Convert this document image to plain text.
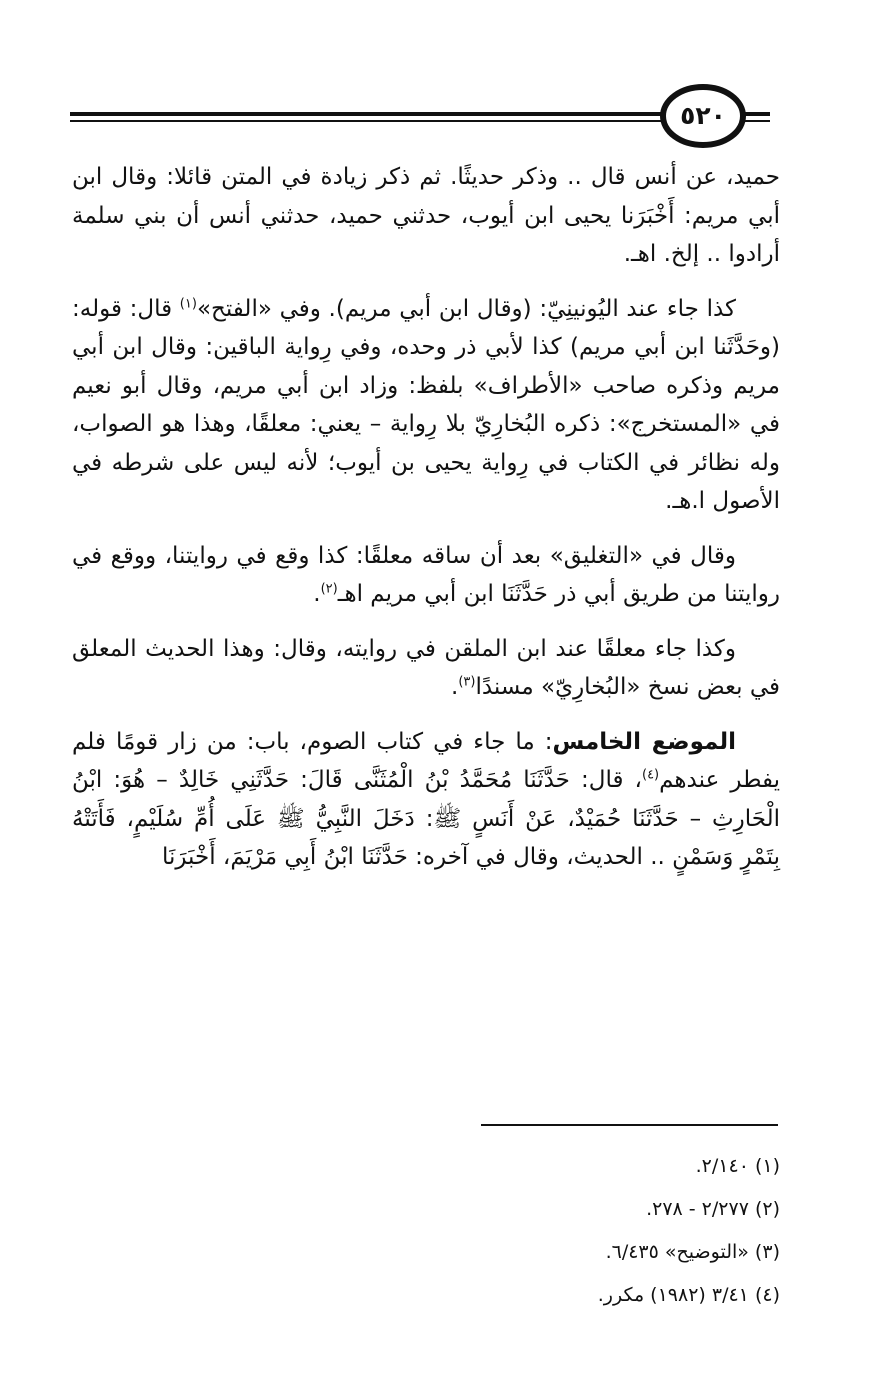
٥٢٠

حميد، عن أنس قال .. وذكر حديثًا. ثم ذكر زيادة في المتن قائلا: وقال ابن أبي مريم: أَخْبَرَنا يحيى ابن أيوب، حدثني حميد، حدثني أنس أن بني سلمة أرادوا .. إلخ. اهـ.

كذا جاء عند اليُونينِيّ: (وقال ابن أبي مريم). وفي «الفتح»$^{(١)}$ قال: قوله: (وحَدَّثَنا ابن أبي مريم) كذا لأبي ذر وحده، وفي رِواية الباقين: وقال ابن أبي مريم وذكره صاحب «الأطراف» بلفظ: وزاد ابن أبي مريم، وقال أبو نعيم في «المستخرج»: ذكره البُخارِيّ بلا رِواية – يعني: معلقًا، وهذا هو الصواب، وله نظائر في الكتاب في رِواية يحيى بن أيوب؛ لأنه ليس على شرطه في الأصول ا.هـ.

وقال في «التغليق» بعد أن ساقه معلقًا: كذا وقع في روايتنا، ووقع في روايتنا من طريق أبي ذر حَدَّثَنَا ابن أبي مريم اهـ$^{(٢)}$.

وكذا جاء معلقًا عند ابن الملقن في روايته، وقال: وهذا الحديث المعلق في بعض نسخ «البُخارِيّ» مسندًا$^{(٣)}$.

الموضع الخامس: ما جاء في كتاب الصوم، باب: من زار قومًا فلم يفطر عندهم$^{(٤)}$، قال: حَدَّثَنَا مُحَمَّدُ بْنُ الْمُثَنَّى قَالَ: حَدَّثَنِي خَالِدٌ – هُوَ: ابْنُ الْحَارِثِ – حَدَّثَنَا حُمَيْدٌ، عَنْ أَنَسٍ ﷺ: دَخَلَ النَّبِيُّ ﷺ عَلَى أُمِّ سُلَيْمٍ، فَأَتَتْهُ بِتَمْرٍ وَسَمْنٍ .. الحديث، وقال في آخره: حَدَّثَنَا ابْنُ أَبِي مَرْيَمَ، أَخْبَرَنَا

(١) ٢/١٤٠.
(٢) ٢/٢٧٧ - ٢٧٨.
(٣) «التوضيح» ٦/٤٣٥.
(٤) ٣/٤١ (١٩٨٢) مكرر.
